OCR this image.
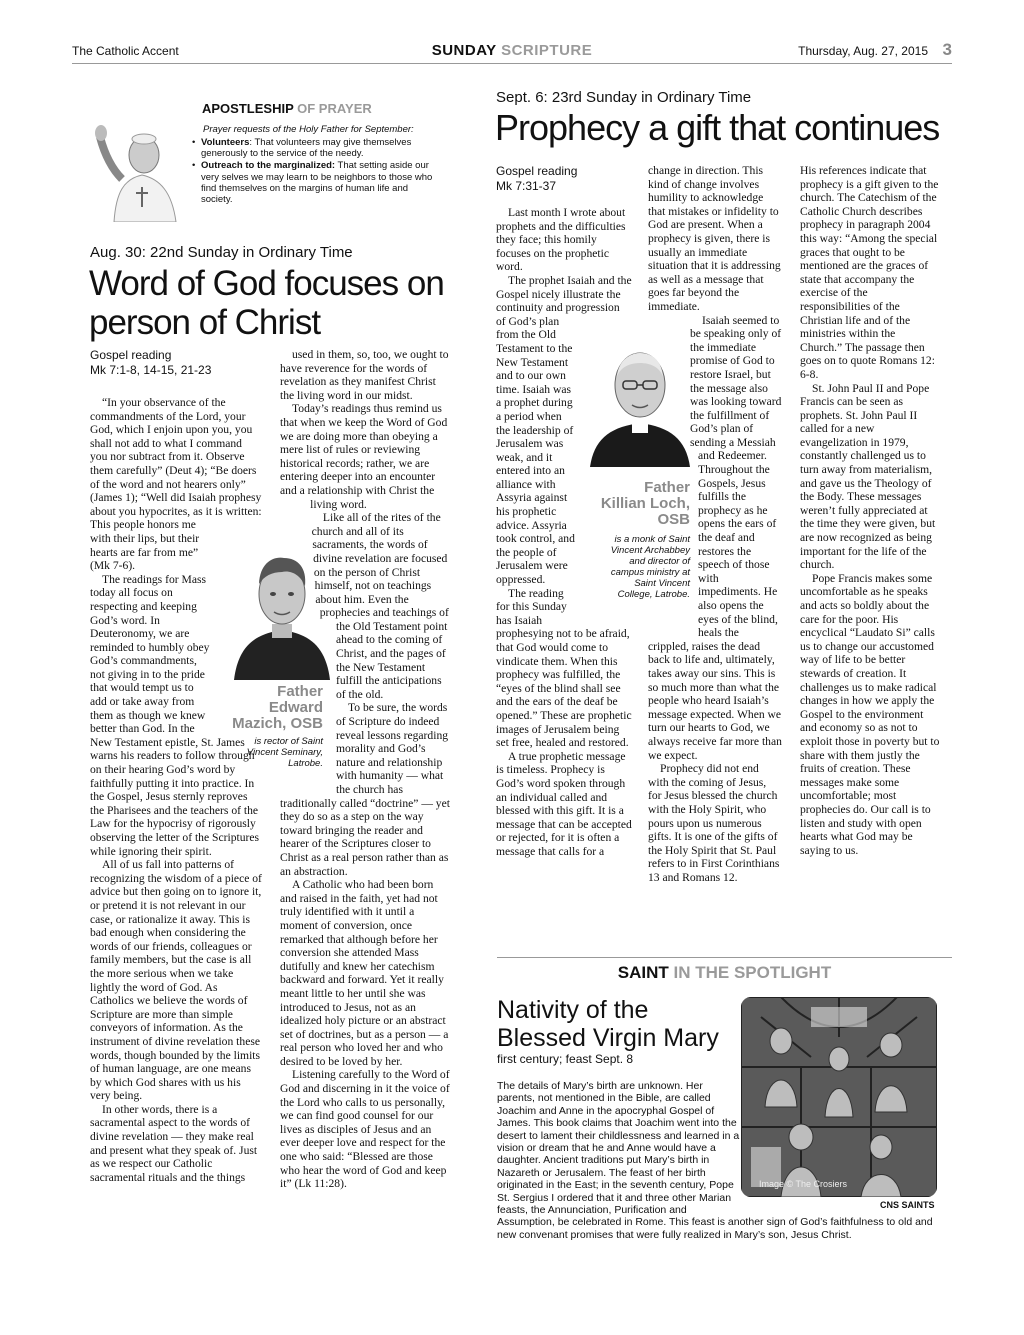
The Catholic Accent	SUNDAY SCRIPTURE	Thursday, Aug. 27, 2015 3
APOSTLESHIP OF PRAYER
Prayer requests of the Holy Father for September:
• Volunteers: That volunteers may give themselves generously to the service of the needy.
• Outreach to the marginalized: That setting aside our very selves we may learn to be neighbors to those who find themselves on the margins of human life and society.
Aug. 30: 22nd Sunday in Ordinary Time
Word of God focuses on
person of Christ
Gospel reading
Mk 7:1-8, 14-15, 21-23

“In your observance of the commandments of the Lord, your God, which I enjoin upon you, you shall not add to what I command you nor subtract from it. Observe them carefully” (Deut 4); “Be doers of the word and not hearers only” (James 1); “Well did Isaiah prophesy about you hypocrites, as it is written: This people honors me with their lips, but their hearts are far from me” (Mk 7-6).

The readings for Mass today all focus on respecting and keeping God’s word. In Deuteronomy, we are reminded to humbly obey God’s commandments, not giving in to the pride that would tempt us to add or take away from them as though we knew better than God. In the New Testament epistle, St. James warns his readers to follow through on their hearing God’s word by faithfully putting it into practice. In the Gospel, Jesus sternly reproves the Pharisees and the teachers of the Law for the hypocrisy of rigorously observing the letter of the Scriptures while ignoring their spirit.

All of us fall into patterns of recognizing the wisdom of a piece of advice but then going on to ignore it, or pretend it is not relevant in our case, or rationalize it away. This is bad enough when considering the words of our friends, colleagues or family members, but the case is all the more serious when we take lightly the word of God. As Catholics we believe the words of Scripture are more than simple conveyors of information. As the instrument of divine revelation these words, though bounded by the limits of human language, are one means by which God shares with us his very being.

In other words, there is a sacramental aspect to the words of divine revelation — they make real and present what they speak of. Just as we respect our Catholic sacramental rituals and the things

Father
Edward
Mazich, OSB
is rector of Saint
Vincent Seminary,
Latrobe.

used in them, so, too, we ought to have reverence for the words of revelation as they manifest Christ the living word in our midst.

Today’s readings thus remind us that when we keep the Word of God we are doing more than obeying a mere list of rules or reviewing historical records; rather, we are entering deeper into an encounter and a relationship with Christ the living word.

Like all of the rites of the church and all of its sacraments, the words of divine revelation are focused on the person of Christ himself, not on teachings about him. Even the prophecies and teachings of the Old Testament point ahead to the coming of Christ, and the pages of the New Testament fulfill the anticipations of the old.

To be sure, the words of Scripture do indeed reveal lessons regarding morality and God’s nature and relationship with humanity — what the church has traditionally called “doctrine” — yet they do so as a step on the way toward bringing the reader and hearer of the Scriptures closer to Christ as a real person rather than as an abstraction.

A Catholic who had been born and raised in the faith, yet had not truly identified with it until a moment of conversion, once remarked that although before her conversion she attended Mass dutifully and knew her catechism backward and forward. Yet it really meant little to her until she was introduced to Jesus, not as an idealized holy picture or an abstract set of doctrines, but as a person — a real person who loved her and who desired to be loved by her.

Listening carefully to the Word of God and discerning in it the voice of the Lord who calls to us personally, we can find good counsel for our lives as disciples of Jesus and an ever deeper love and respect for the one who said: “Blessed are those who hear the word of God and keep it” (Lk 11:28).

Sept. 6: 23rd Sunday in Ordinary Time
Prophecy a gift that continues
Gospel reading
Mk 7:31-37

Last month I wrote about prophets and the difficulties they face; this homily focuses on the prophetic word.

The prophet Isaiah and the Gospel nicely illustrate the continuity and progression of God’s plan from the Old Testament to the New Testament and to our own time. Isaiah was a prophet during a period when the leadership of Jerusalem was weak, and it entered into an alliance with Assyria against his prophetic advice. Assyria took control, and the people of Jerusalem were oppressed.

The reading for this Sunday has Isaiah prophesying not to be afraid, that God would come to vindicate them. When this prophecy was fulfilled, the “eyes of the blind shall see and the ears of the deaf be opened.” These are prophetic images of Jerusalem being set free, healed and restored.

A true prophetic message is timeless. Prophecy is God’s word spoken through an individual called and blessed with this gift. It is a message that can be accepted or rejected, for it is often a message that calls for a

Father
Killian Loch,
OSB
is a monk of Saint
Vincent Archabbey
and director of
campus ministry at
Saint Vincent
College, Latrobe.

change in direction. This kind of change involves humility to acknowledge that mistakes or infidelity to God are present. When a prophecy is given, there is usually an immediate situation that it is addressing as well as a message that goes far beyond the immediate.

Isaiah seemed to be speaking only of the immediate promise of God to restore Israel, but the message also was looking toward the fulfillment of God’s plan of sending a Messiah and Redeemer. Throughout the Gospels, Jesus fulfills the prophecy as he opens the ears of the deaf and restores the speech of those with impediments. He also opens the eyes of the blind, heals the crippled, raises the dead back to life and, ultimately, takes away our sins. This is so much more than what the people who heard Isaiah’s message expected. When we turn our hearts to God, we always receive far more than we expect.

Prophecy did not end with the coming of Jesus, for Jesus blessed the church with the Holy Spirit, who pours upon us numerous gifts. It is one of the gifts of the Holy Spirit that St. Paul refers to in First Corinthians 13 and Romans 12.

His references indicate that prophecy is a gift given to the church. The Catechism of the Catholic Church describes prophecy in paragraph 2004 this way: “Among the special graces that ought to be mentioned are the graces of state that accompany the exercise of the responsibilities of the Christian life and of the ministries within the Church.” The passage then goes on to quote Romans 12: 6-8.

St. John Paul II and Pope Francis can be seen as prophets. St. John Paul II called for a new evangelization in 1979, constantly challenged us to turn away from materialism, and gave us the Theology of the Body. These messages weren’t fully appreciated at the time they were given, but are now recognized as being important for the life of the church.

Pope Francis makes some uncomfortable as he speaks and acts so boldly about the care for the poor. His encyclical “Laudato Si” calls us to change our accustomed way of life to be better stewards of creation. It challenges us to make radical changes in how we apply the Gospel to the environment and economy so as not to exploit those in poverty but to share with them justly the fruits of creation. These messages make some uncomfortable; most prophecies do. Our call is to listen and study with open hearts what God may be saying to us.

SAINT IN THE SPOTLIGHT
Nativity of the
Blessed Virgin Mary
first century; feast Sept. 8
Image © The Crosiers
CNS SAINTS
The details of Mary’s birth are unknown. Her parents, not mentioned in the Bible, are called Joachim and Anne in the apocryphal Gospel of James. This book claims that Joachim went into the desert to lament their childlessness and learned in a vision or dream that he and Anne would have a daughter. Ancient traditions put Mary’s birth in Nazareth or Jerusalem. The feast of her birth originated in the East; in the seventh century, Pope St. Sergius I ordered that it and three other Marian feasts, the Annunciation, Purification and Assumption, be celebrated in Rome. This feast is another sign of God’s faithfulness to old and new convenant promises that were fully realized in Mary’s son, Jesus Christ.
